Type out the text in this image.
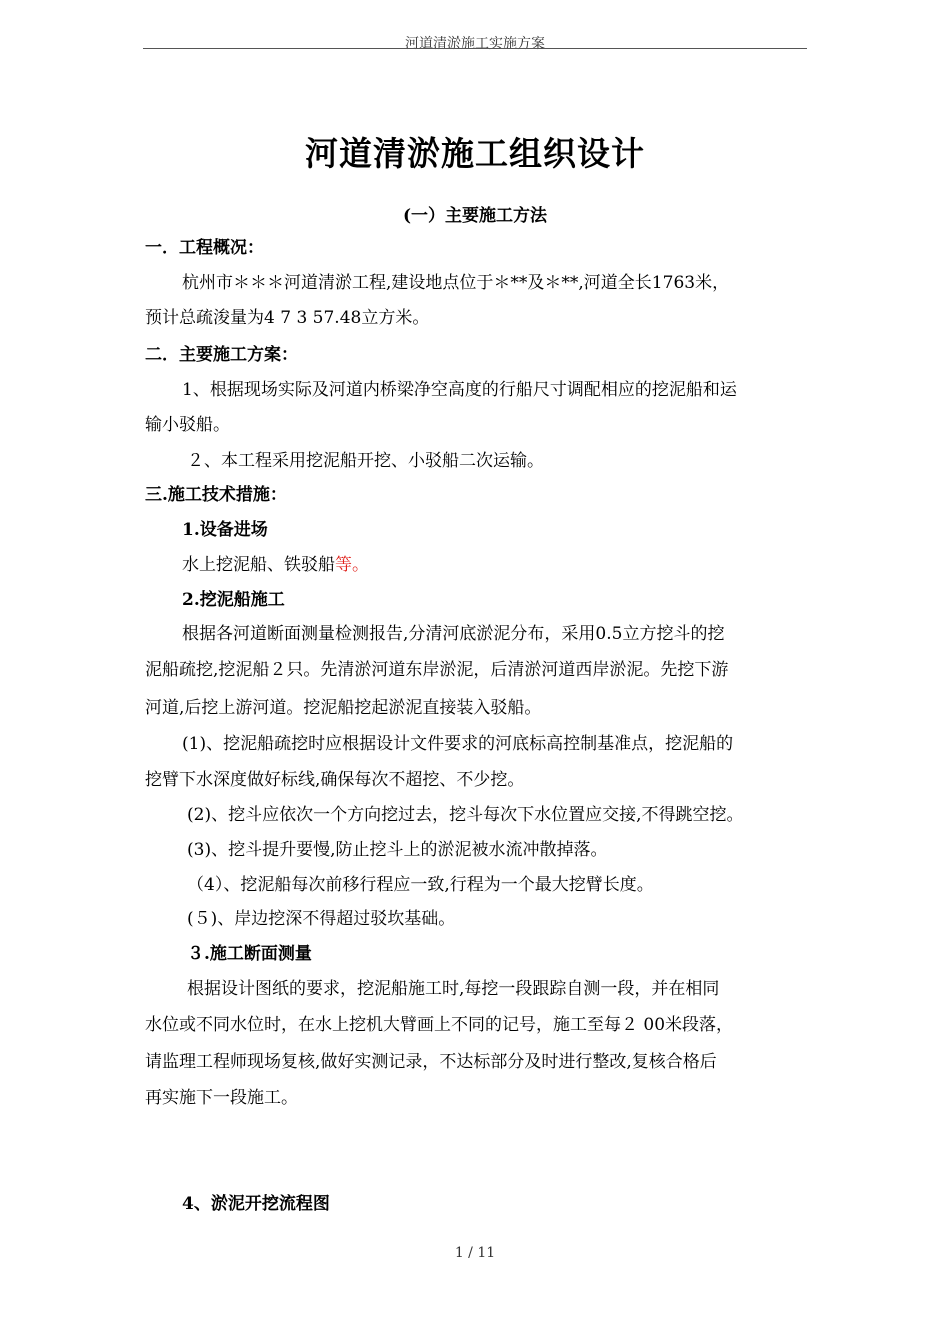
河道清淤施工实施方案
河道清淤施工组织设计
(一）主要施工方法
一．工程概况：
杭州市＊＊＊河道清淤工程,建设地点位于＊**及＊**,河道全长1763米，
预计总疏浚量为4 7 3 57.48立方米。
二．主要施工方案：
1、根据现场实际及河道内桥梁净空高度的行船尺寸调配相应的挖泥船和运
输小驳船。
２、本工程采用挖泥船开挖、小驳船二次运输。
三.施工技术措施：
1.设备进场
水上挖泥船、铁驳船等。
2.挖泥船施工
根据各河道断面测量检测报告,分清河底淤泥分布，采用0.5立方挖斗的挖
泥船疏挖,挖泥船２只。先清淤河道东岸淤泥，后清淤河道西岸淤泥。先挖下游
河道,后挖上游河道。挖泥船挖起淤泥直接装入驳船。
(1)、挖泥船疏挖时应根据设计文件要求的河底标高控制基准点，挖泥船的
挖臂下水深度做好标线,确保每次不超挖、不少挖。
(2)、挖斗应依次一个方向挖过去，挖斗每次下水位置应交接,不得跳空挖。
(3)、挖斗提升要慢,防止挖斗上的淤泥被水流冲散掉落。
（4）、挖泥船每次前移行程应一致,行程为一个最大挖臂长度。
(５)、岸边挖深不得超过驳坎基础。
３.施工断面测量
根据设计图纸的要求，挖泥船施工时,每挖一段跟踪自测一段，并在相同
水位或不同水位时，在水上挖机大臂画上不同的记号，施工至每２ 00米段落，
请监理工程师现场复核,做好实测记录，不达标部分及时进行整改,复核合格后
再实施下一段施工。
4、淤泥开挖流程图
1 / 11
